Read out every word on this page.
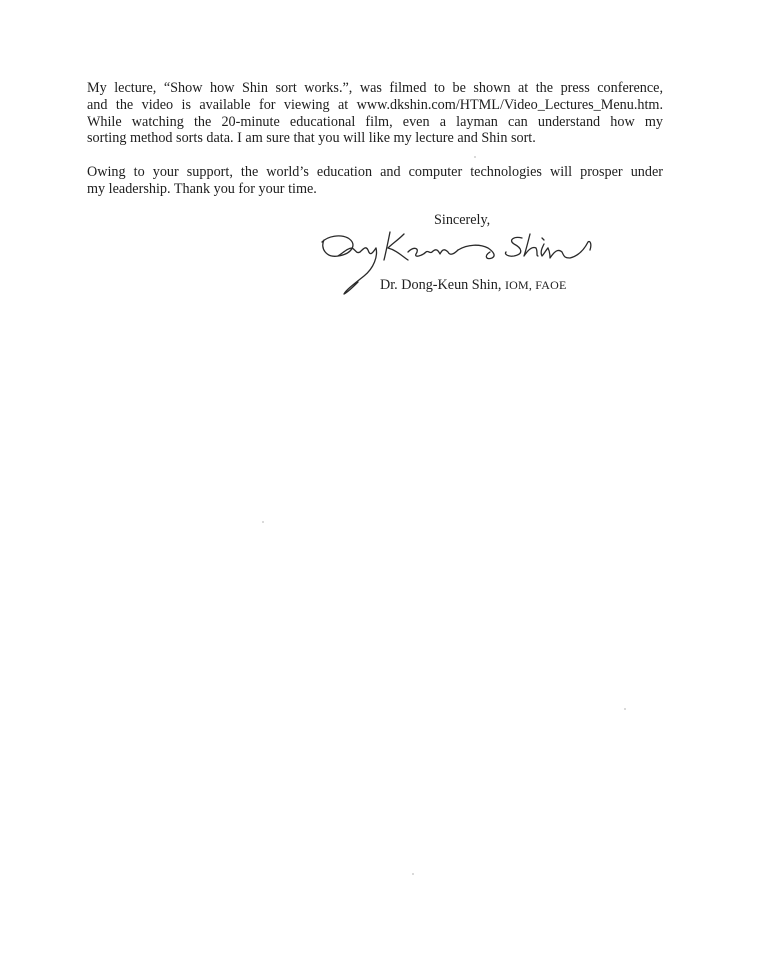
My lecture, “Show how Shin sort works.”, was filmed to be shown at the press conference,
and the video is available for viewing at www.dkshin.com/HTML/Video_Lectures_Menu.htm.
While watching the 20-minute educational film, even a layman can understand how my
sorting method sorts data. I am sure that you will like my lecture and Shin sort.
Owing to your support, the world’s education and computer technologies will prosper under
my leadership. Thank you for your time.
Sincerely,
Dr. Dong-Keun Shin, IOM, FAOE
